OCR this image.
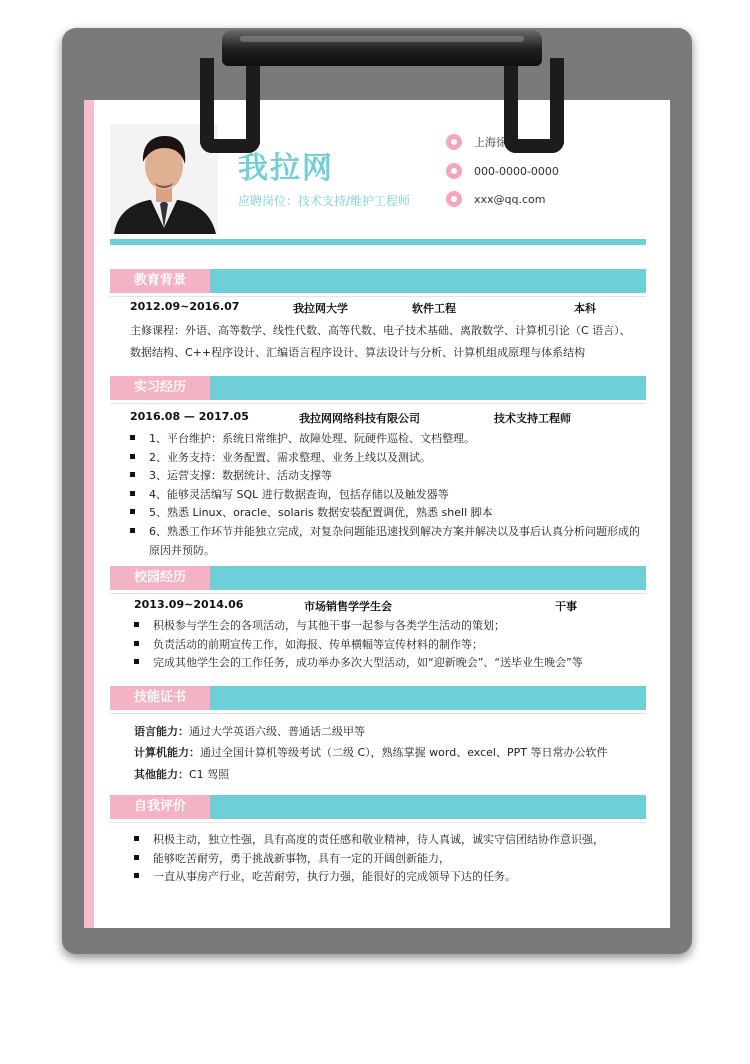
我拉网
应聘岗位：技术支持/维护工程师
上海徐汇
000-0000-0000
xxx@qq.com
教育背景
2012.09~2016.07	我拉网大学	软件工程	本科
主修课程：外语、高等数学、线性代数、高等代数、电子技术基础、离散数学、计算机引论（C 语言）、
数据结构、C++程序设计、汇编语言程序设计、算法设计与分析、计算机组成原理与体系结构
实习经历
2016.08 — 2017.05	我拉网网络科技有限公司	技术支持工程师
1、平台维护：系统日常维护、故障处理、阮硬件巡检、文档整理。
2、业务支持：业务配置、需求整理、业务上线以及测试。
3、运营支撑：数据统计、活动支撑等
4、能够灵活编写 SQL 进行数据查询，包括存储以及触发器等
5、熟悉 Linux、oracle、solaris 数据安装配置调优，熟悉 shell 脚本
6、熟悉工作环节并能独立完成，对复杂问题能迅速找到解决方案并解决以及事后认真分析问题形成的
原因并预防。
校园经历
2013.09~2014.06	市场销售学学生会	干事
积极参与学生会的各项活动，与其他干事一起参与各类学生活动的策划；
负责活动的前期宣传工作，如海报、传单横幅等宣传材料的制作等；
完成其他学生会的工作任务，成功举办多次大型活动，如“迎新晚会”、“送毕业生晚会”等
技能证书
语言能力：通过大学英语六级、普通话二级甲等
计算机能力：通过全国计算机等级考试（二级 C），熟练掌握 word、excel、PPT 等日常办公软件
其他能力：C1 驾照
自我评价
积极主动，独立性强，具有高度的责任感和敬业精神，待人真诚，诚实守信团结协作意识强，
能够吃苦耐劳，勇于挑战新事物，具有一定的开阔创新能力，
一直从事房产行业，吃苦耐劳，执行力强，能很好的完成领导下达的任务。
